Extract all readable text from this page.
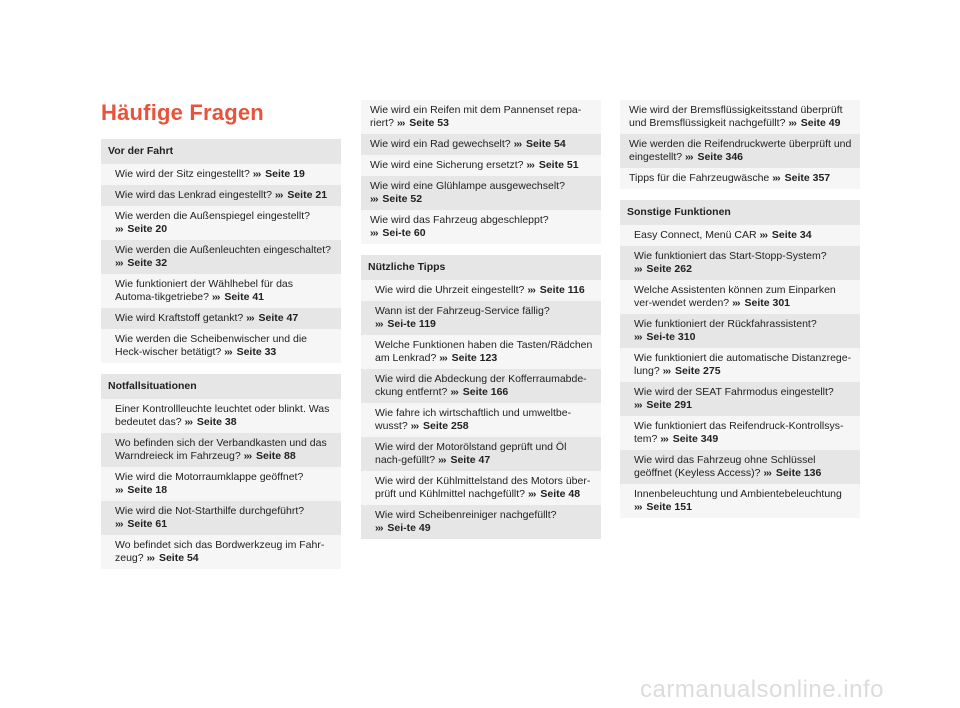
Häufige Fragen
Vor der Fahrt
Wie wird der Sitz eingestellt? ››› Seite 19
Wie wird das Lenkrad eingestellt? ››› Seite 21
Wie werden die Außenspiegel eingestellt? ››› Seite 20
Wie werden die Außenleuchten eingeschaltet? ››› Seite 32
Wie funktioniert der Wählhebel für das Automa-tikgetriebe? ››› Seite 41
Wie wird Kraftstoff getankt? ››› Seite 47
Wie werden die Scheibenwischer und die Heck-wischer betätigt? ››› Seite 33
Notfallsituationen
Einer Kontrollleuchte leuchtet oder blinkt. Was bedeutet das? ››› Seite 38
Wo befinden sich der Verbandkasten und das Warndreieck im Fahrzeug? ››› Seite 88
Wie wird die Motorraumklappe geöffnet? ››› Seite 18
Wie wird die Not-Starthilfe durchgeführt? ››› Seite 61
Wo befindet sich das Bordwerkzeug im Fahr-zeug? ››› Seite 54
Wie wird ein Reifen mit dem Pannenset repa-riert? ››› Seite 53
Wie wird ein Rad gewechselt? ››› Seite 54
Wie wird eine Sicherung ersetzt? ››› Seite 51
Wie wird eine Glühlampe ausgewechselt? ››› Seite 52
Wie wird das Fahrzeug abgeschleppt? ››› Sei-te 60
Nützliche Tipps
Wie wird die Uhrzeit eingestellt? ››› Seite 116
Wann ist der Fahrzeug-Service fällig? ››› Sei-te 119
Welche Funktionen haben die Tasten/Rädchen am Lenkrad? ››› Seite 123
Wie wird die Abdeckung der Kofferraumabde-ckung entfernt? ››› Seite 166
Wie fahre ich wirtschaftlich und umweltbe-wusst? ››› Seite 258
Wie wird der Motorölstand geprüft und Öl nach-gefüllt? ››› Seite 47
Wie wird der Kühlmittelstand des Motors über-prüft und Kühlmittel nachgefüllt? ››› Seite 48
Wie wird Scheibenreiniger nachgefüllt? ››› Sei-te 49
Wie wird der Bremsflüssigkeitsstand überprüft und Bremsflüssigkeit nachgefüllt? ››› Seite 49
Wie werden die Reifendruckwerte überprüft und eingestellt? ››› Seite 346
Tipps für die Fahrzeugwäsche ››› Seite 357
Sonstige Funktionen
Easy Connect, Menü CAR ››› Seite 34
Wie funktioniert das Start-Stopp-System? ››› Seite 262
Welche Assistenten können zum Einparken ver-wendet werden? ››› Seite 301
Wie funktioniert der Rückfahrassistent? ››› Sei-te 310
Wie funktioniert die automatische Distanzrege-lung? ››› Seite 275
Wie wird der SEAT Fahrmodus eingestellt? ››› Seite 291
Wie funktioniert das Reifendruck-Kontrollsys-tem? ››› Seite 349
Wie wird das Fahrzeug ohne Schlüssel geöffnet (Keyless Access)? ››› Seite 136
Innenbeleuchtung und Ambientebeleuchtung ››› Seite 151
carmanualsonline.info
